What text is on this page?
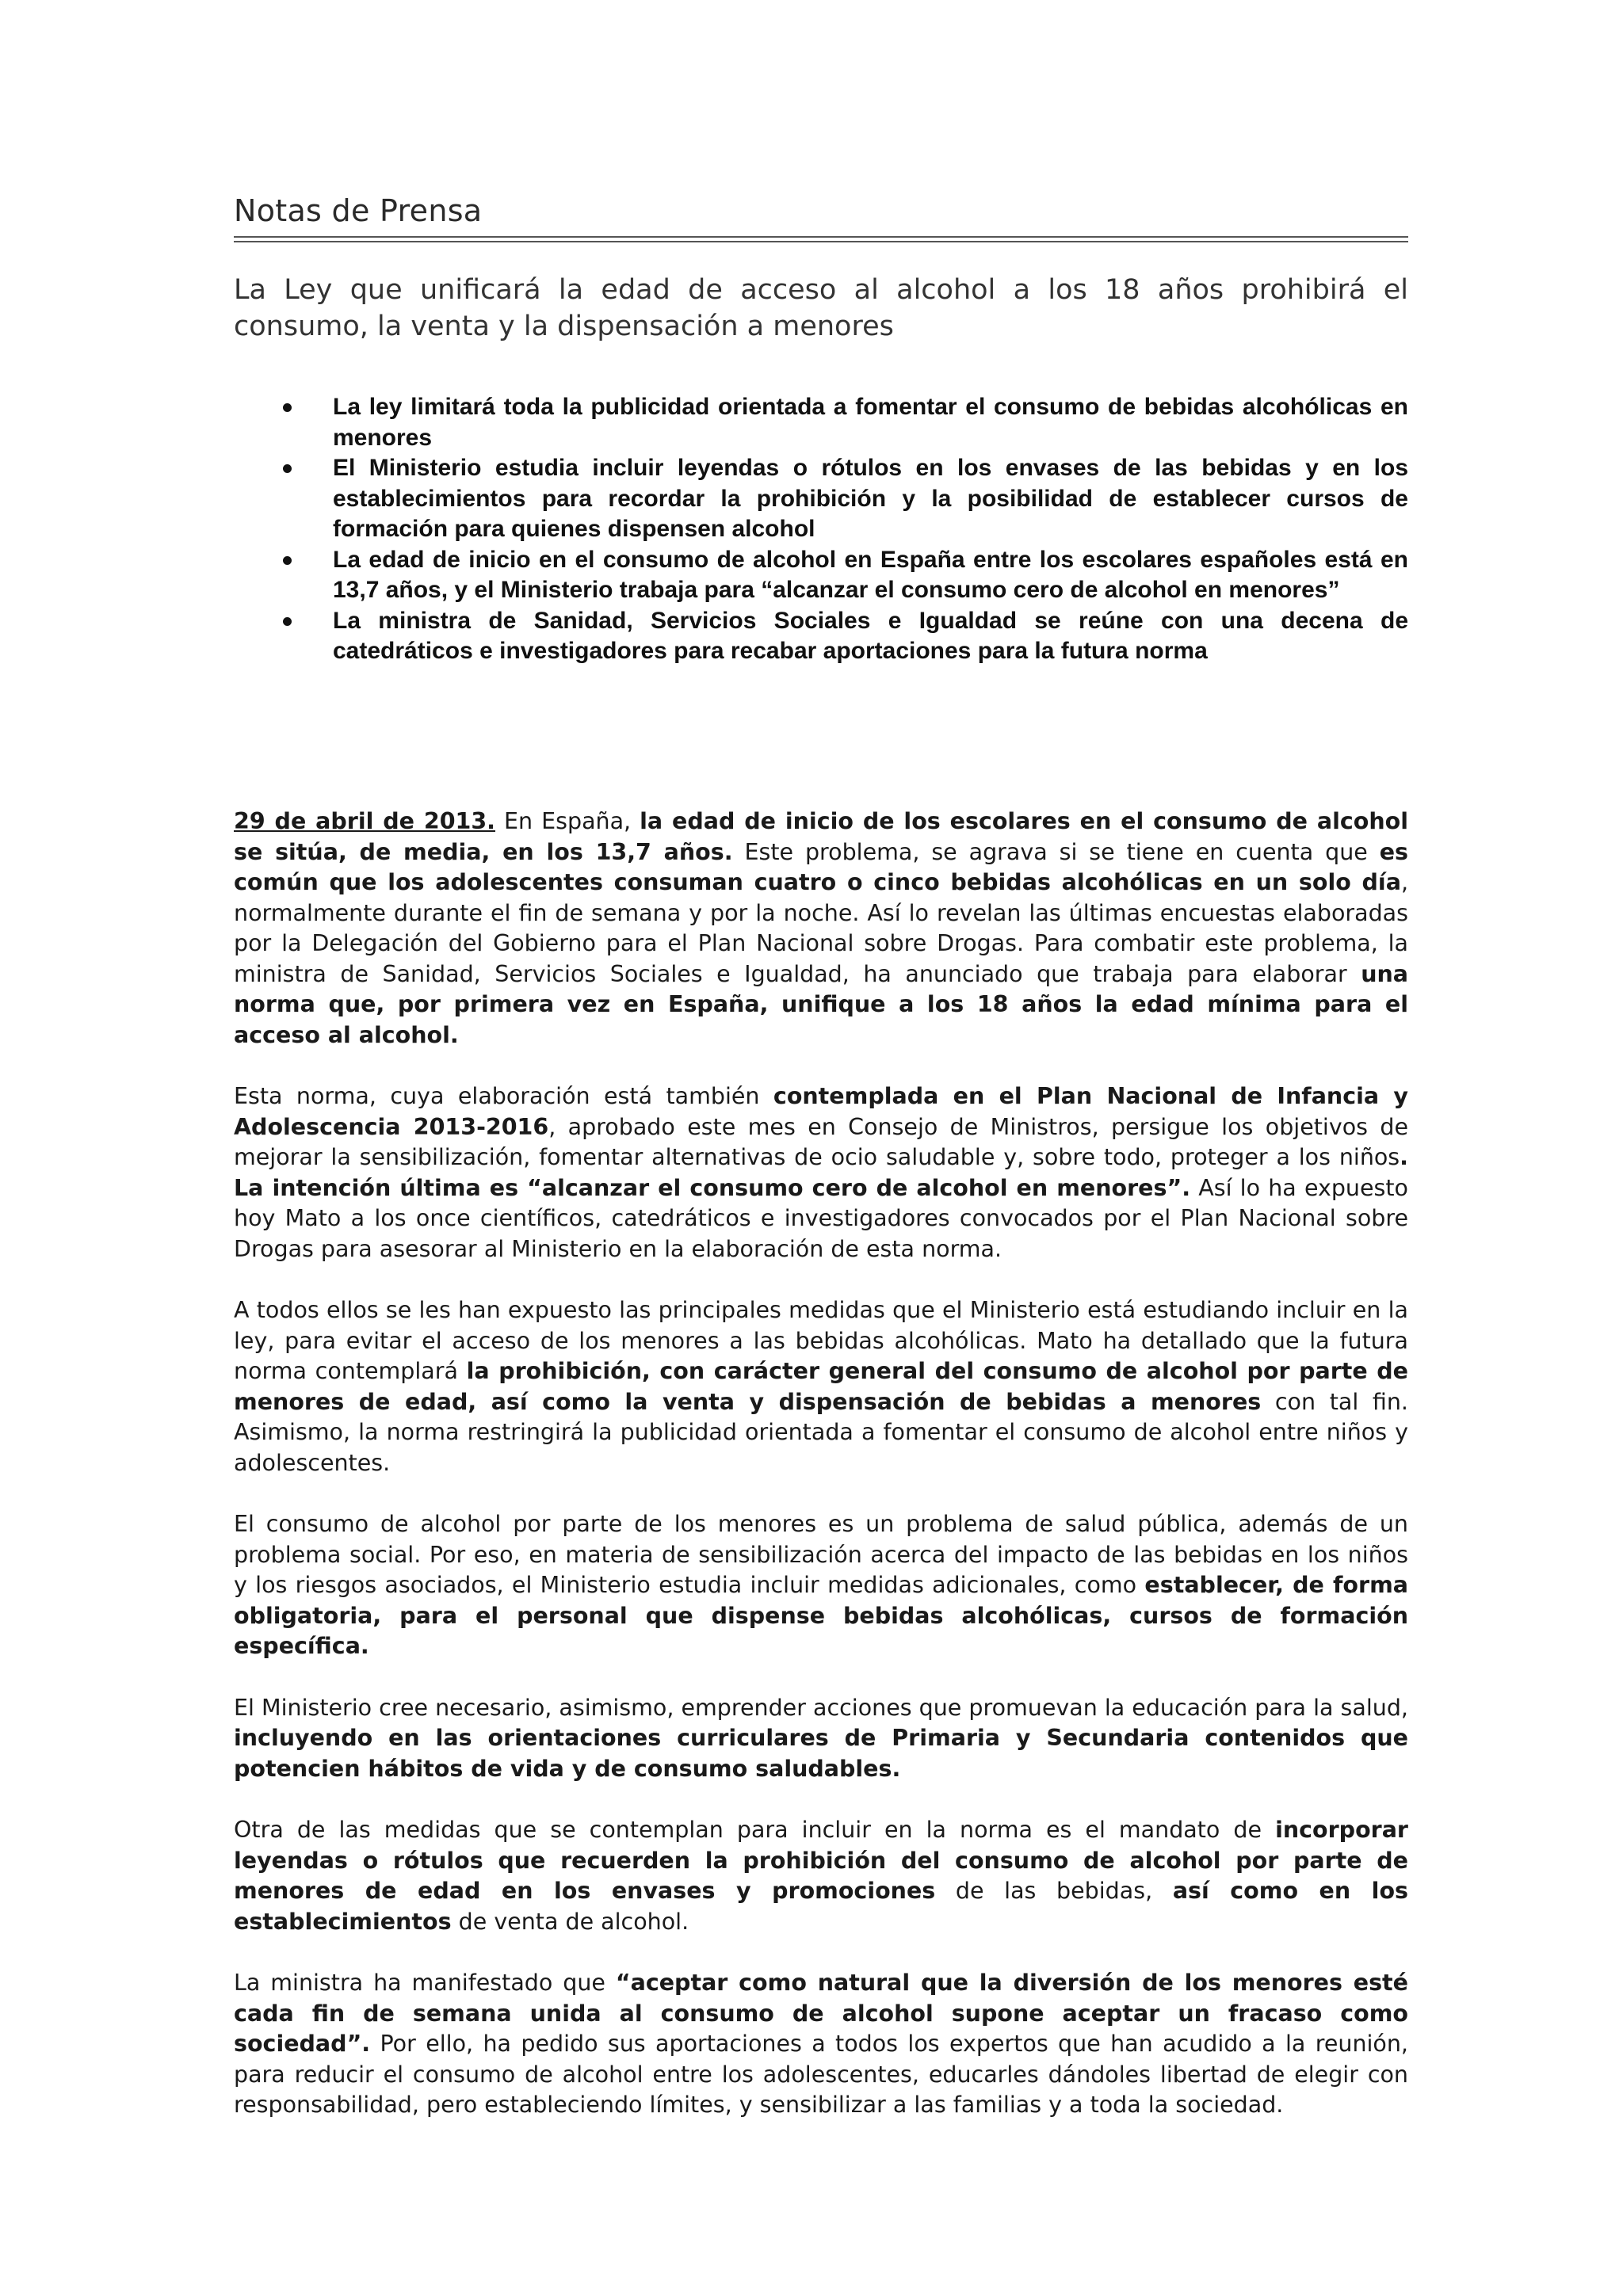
Notas de Prensa
La Ley que unificará la edad de acceso al alcohol a los 18 años prohibirá el consumo, la venta y la dispensación a menores
La ley limitará toda la publicidad orientada a fomentar el consumo de bebidas alcohólicas en menores
El Ministerio estudia incluir leyendas o rótulos en los envases de las bebidas y en los establecimientos para recordar la prohibición y la posibilidad de establecer cursos de formación para quienes dispensen alcohol
La edad de inicio en el consumo de alcohol en España entre los escolares españoles está en 13,7 años, y el Ministerio trabaja para “alcanzar el consumo cero de alcohol en menores”
La ministra de Sanidad, Servicios Sociales e Igualdad se reúne con una decena de catedráticos e investigadores para recabar aportaciones para la futura norma

29 de abril de 2013. En España, la edad de inicio de los escolares en el consumo de alcohol se sitúa, de media, en los 13,7 años. Este problema, se agrava si se tiene en cuenta que es común que los adolescentes consuman cuatro o cinco bebidas alcohólicas en un solo día, normalmente durante el fin de semana y por la noche. Así lo revelan las últimas encuestas elaboradas por la Delegación del Gobierno para el Plan Nacional sobre Drogas. Para combatir este problema, la ministra de Sanidad, Servicios Sociales e Igualdad, ha anunciado que trabaja para elaborar una norma que, por primera vez en España, unifique a los 18 años la edad mínima para el acceso al alcohol.

Esta norma, cuya elaboración está también contemplada en el Plan Nacional de Infancia y Adolescencia 2013-2016, aprobado este mes en Consejo de Ministros, persigue los objetivos de mejorar la sensibilización, fomentar alternativas de ocio saludable y, sobre todo, proteger a los niños. La intención última es “alcanzar el consumo cero de alcohol en menores”. Así lo ha expuesto hoy Mato a los once científicos, catedráticos e investigadores convocados por el Plan Nacional sobre Drogas para asesorar al Ministerio en la elaboración de esta norma.

A todos ellos se les han expuesto las principales medidas que el Ministerio está estudiando incluir en la ley, para evitar el acceso de los menores a las bebidas alcohólicas. Mato ha detallado que la futura norma contemplará la prohibición, con carácter general del consumo de alcohol por parte de menores de edad, así como la venta y dispensación de bebidas a menores con tal fin. Asimismo, la norma restringirá la publicidad orientada a fomentar el consumo de alcohol entre niños y adolescentes.

El consumo de alcohol por parte de los menores es un problema de salud pública, además de un problema social. Por eso, en materia de sensibilización acerca del impacto de las bebidas en los niños y los riesgos asociados, el Ministerio estudia incluir medidas adicionales, como establecer, de forma obligatoria, para el personal que dispense bebidas alcohólicas, cursos de formación específica.

El Ministerio cree necesario, asimismo, emprender acciones que promuevan la educación para la salud, incluyendo en las orientaciones curriculares de Primaria y Secundaria contenidos que potencien hábitos de vida y de consumo saludables.

Otra de las medidas que se contemplan para incluir en la norma es el mandato de incorporar leyendas o rótulos que recuerden la prohibición del consumo de alcohol por parte de menores de edad en los envases y promociones de las bebidas, así como en los establecimientos de venta de alcohol.

La ministra ha manifestado que “aceptar como natural que la diversión de los menores esté cada fin de semana unida al consumo de alcohol supone aceptar un fracaso como sociedad”. Por ello, ha pedido sus aportaciones a todos los expertos que han acudido a la reunión, para reducir el consumo de alcohol entre los adolescentes, educarles dándoles libertad de elegir con responsabilidad, pero estableciendo límites, y sensibilizar a las familias y a toda la sociedad.
